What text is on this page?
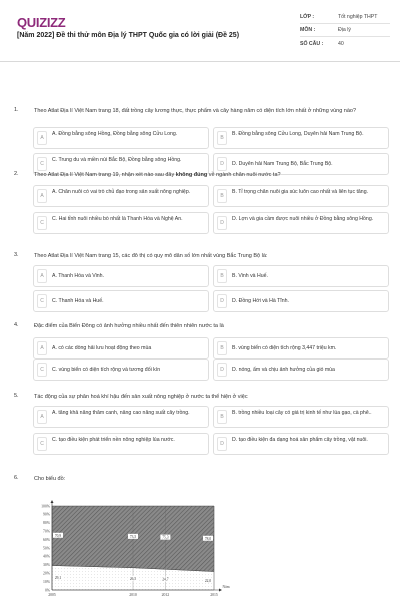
QUIZIZZ
[Năm 2022] Đề thi thử môn Địa lý THPT Quốc gia có lời giải (Đề 25)
LỚP :	Tốt nghiệp THPT
MÔN :	Địa lý
SỐ CÂU :	40
1.	Theo Atlat Địa lí Việt Nam trang 18, đất trồng cây lương thực, thực phẩm và cây hàng năm có diện tích lớn nhất ở những vùng nào?
A
A. Đồng bằng sông Hồng, Đồng bằng sông Cửu Long.
B
B. Đồng bằng sông Cửu Long, Duyên hải Nam Trung Bộ.
C
C. Trung du và miền núi Bắc Bộ, Đồng bằng sông Hồng.
D	D. Duyên hải Nam Trung Bộ, Bắc Trung Bộ.
2.	Theo Atlat Địa lí Việt Nam trang 19, nhận xét nào sau đây không đúng về ngành chăn nuôi nước ta?
A
A. Chăn nuôi có vai trò chủ đạo trong sản xuất nông nghiệp.
B
B. Tỉ trọng chăn nuôi gia súc luôn cao nhất và liên tục tăng.
C
C. Hai tỉnh nuôi nhiều bò nhất là Thanh Hóa và Nghệ An.
D
D. Lợn và gia cầm được nuôi nhiều ở Đồng bằng sông Hồng.
3.	Theo Atlat Địa lí Việt Nam trang 15, các đô thị có quy mô dân số lớn nhất vùng Bắc Trung Bộ là:
A	A. Thanh Hóa và Vinh.	B	B. Vinh và Huế.
C	C. Thanh Hóa và Huế.	D	D. Đồng Hới và Hà Tĩnh.
4.	Đặc điểm của Biển Đông có ảnh hưởng nhiều nhất đến thiên nhiên nước ta là
A	A. có các dòng hải lưu hoạt động theo mùa	B	B. vùng biển có diện tích rộng 3,447 triệu km.
C	C. vùng biển có diện tích rộng và tương đối kín	D	D. nóng, ẩm và chịu ảnh hưởng của gió mùa
5.	Tác động của sự phân hoá khí hậu đến sản xuất nông nghiệp ở nước ta thể hiện ở việc
A
A. tăng khả năng thâm canh, nâng cao năng suất cây trồng.
B
B. trồng nhiều loại cây có giá trị kinh tế như lúa gạo, cà phê..
C
C. tạo điều kiện phát triển nền nông nghiệp lúa nước.
D
D. tạo điều kiện đa dạng hoá sản phẩm cây trồng, vật nuôi.
6.	Cho biểu đồ:
0%
10%
20%
30%
40%
50%
60%
70%
80%
90%
100%
2005	2010	2012	2015
Năm
29,1	26,5	24,7	22,0
70,9	73,5	75,3	78,0
